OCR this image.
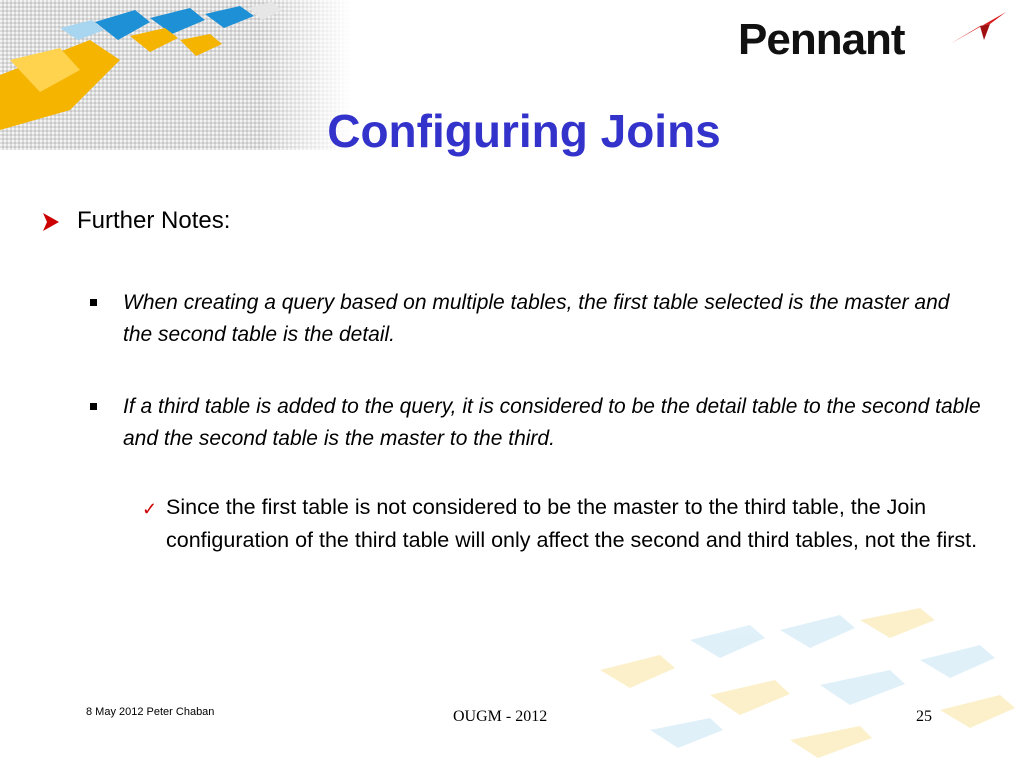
Pennant
Configuring Joins
Further Notes:
When creating a query based on multiple tables, the first table selected is the master and the second table is the detail.
If a third table is added to the query, it is considered to be the detail table to the second table and the second table is the master to the third.
✓ Since the first table is not considered to be the master to the third table, the Join configuration of the third table will only affect the second and third tables, not the first.
8 May 2012 Peter Chaban	OUGM - 2012	25
